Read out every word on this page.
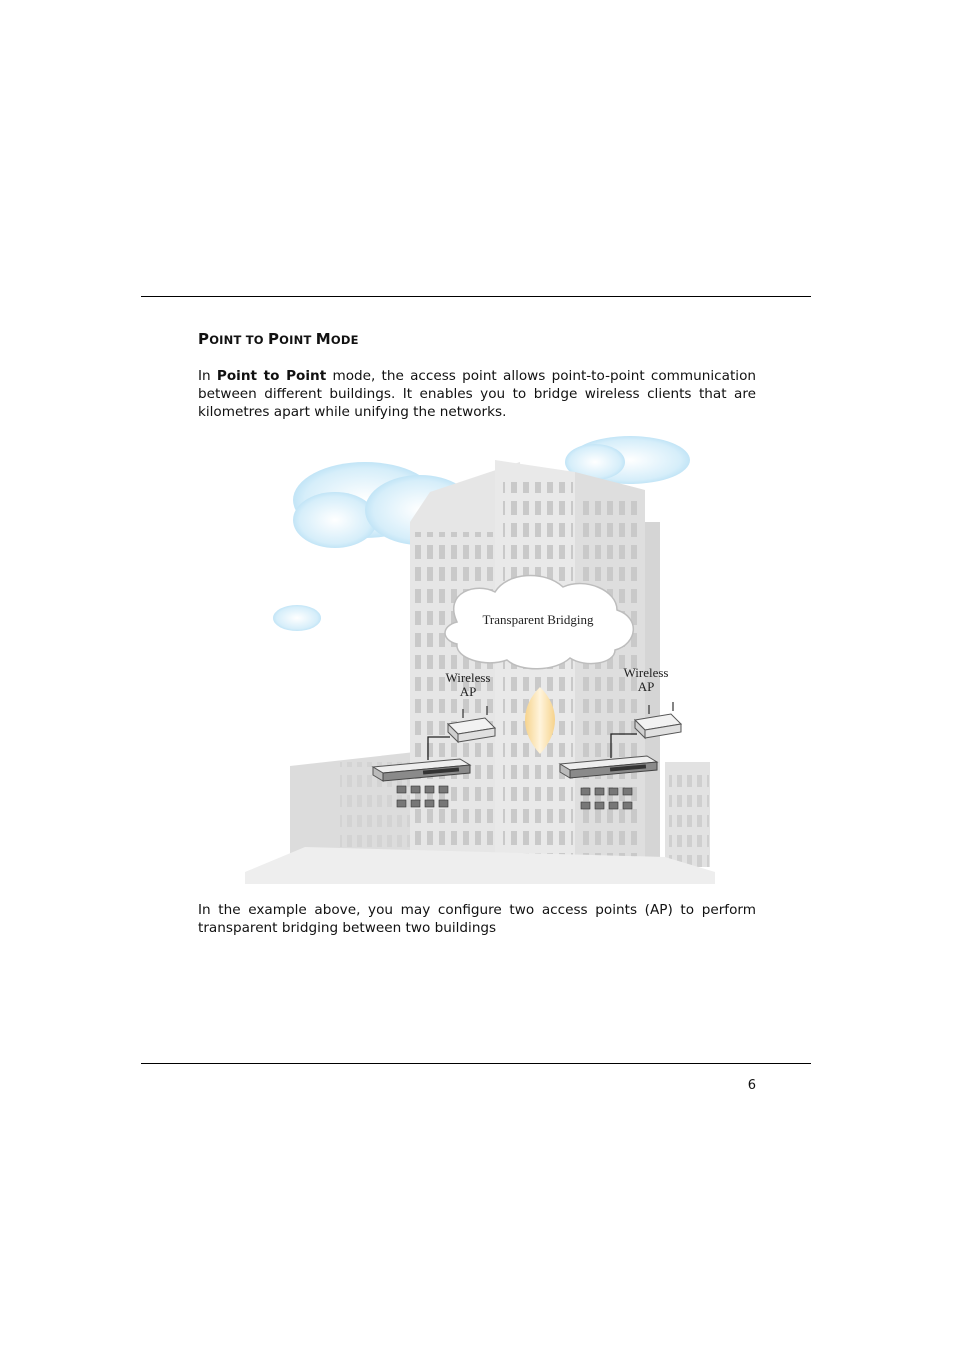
POINT TO POINT MODE
In Point to Point mode, the access point allows point-to-point communication between different buildings. It enables you to bridge wireless clients that are kilometres apart while unifying the networks.
Transparent Bridging
Wireless
AP
Wireless
AP
In the example above, you may configure two access points (AP) to perform transparent bridging between two buildings
6
